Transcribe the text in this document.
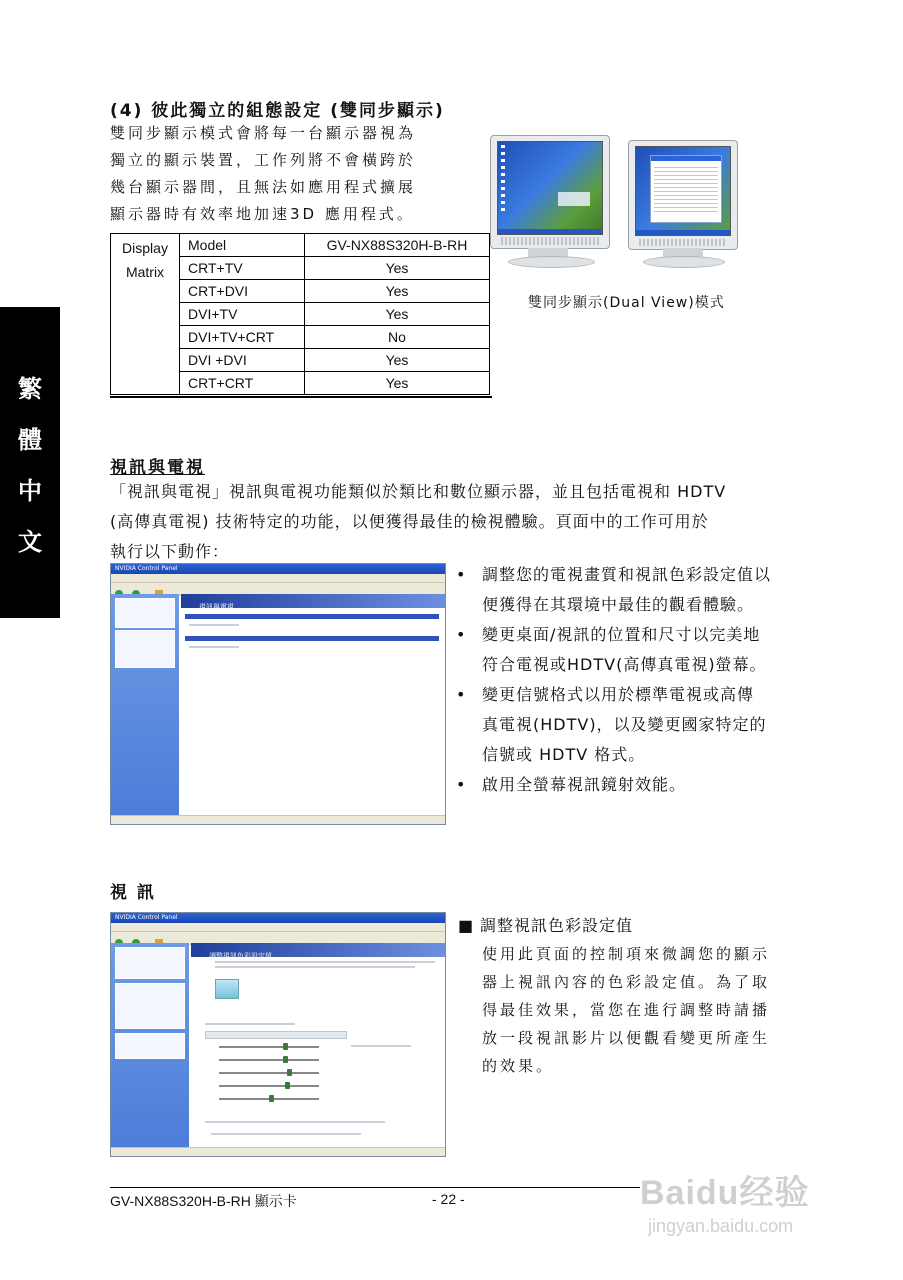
繁
體
中
文
(4) 彼此獨立的組態設定 (雙同步顯示)
雙同步顯示模式會將每一台顯示器視為
獨立的顯示裝置，工作列將不會橫跨於
幾台顯示器間，且無法如應用程式擴展
顯示器時有效率地加速3D 應用程式。
雙同步顯示(Dual View)模式
Display
Matrix	Model	GV-NX88S320H-B-RH
	CRT+TV	Yes
	CRT+DVI	Yes
	DVI+TV	Yes
	DVI+TV+CRT	No
	DVI +DVI	Yes
	CRT+CRT	Yes
視訊與電視
「視訊與電視」視訊與電視功能類似於類比和數位顯示器，並且包括電視和 HDTV
(高傳真電視) 技術特定的功能，以便獲得最佳的檢視體驗。頁面中的工作可用於
執行以下動作：
NVIDIA Control Panel

視訊與電視
• 調整您的電視畫質和視訊色彩設定值以
便獲得在其環境中最佳的觀看體驗。
• 變更桌面/視訊的位置和尺寸以完美地
符合電視或HDTV(高傳真電視)螢幕。
• 變更信號格式以用於標準電視或高傳
真電視(HDTV)，以及變更國家特定的
信號或 HDTV 格式。
• 啟用全螢幕視訊鏡射效能。
視 訊
NVIDIA Control Panel

調整視訊色彩設定值
■ 調整視訊色彩設定值
使用此頁面的控制項來微調您的顯示
器上視訊內容的色彩設定值。為了取
得最佳效果，當您在進行調整時請播
放一段視訊影片以便觀看變更所產生
的效果。
GV-NX88S320H-B-RH 顯示卡	- 22 -	Baidu经验
jingyan.baidu.com
